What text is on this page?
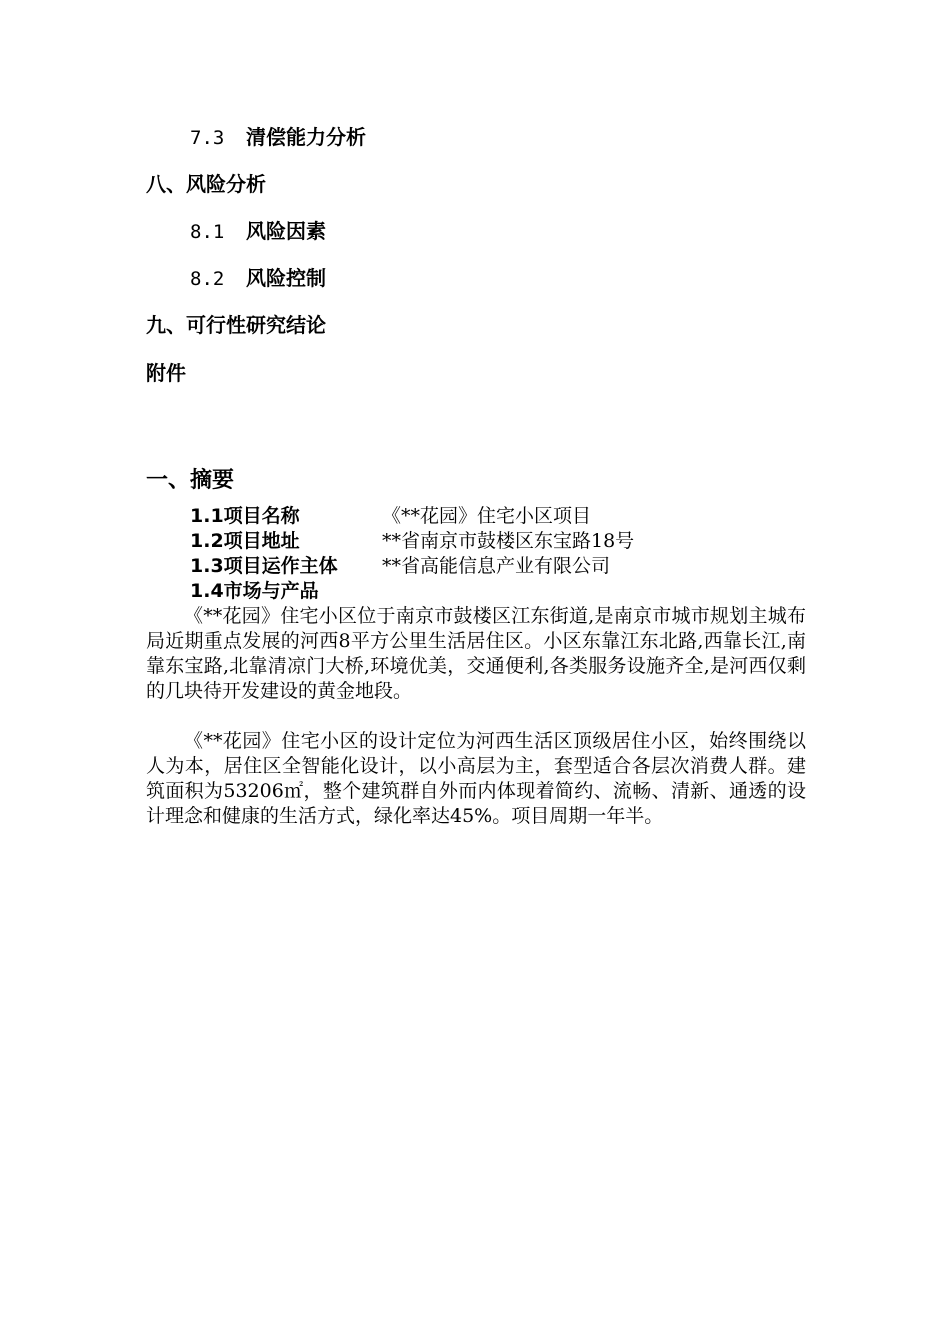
7.3 清偿能力分析
八、风险分析
8.1 风险因素
8.2 风险控制
九、可行性研究结论
附件
一、摘要
1.1项目名称	《**花园》住宅小区项目
1.2项目地址	**省南京市鼓楼区东宝路18号
1.3项目运作主体 **省高能信息产业有限公司
1.4市场与产品

《**花园》住宅小区位于南京市鼓楼区江东街道,是南京市城市规划主城布局近期重点发展的河西8平方公里生活居住区。小区东靠江东北路,西靠长江,南靠东宝路,北靠清凉门大桥,环境优美，交通便利,各类服务设施齐全,是河西仅剩的几块待开发建设的黄金地段。

《**花园》住宅小区的设计定位为河西生活区顶级居住小区，始终围绕以人为本，居住区全智能化设计，以小高层为主，套型适合各层次消费人群。建筑面积为53206㎡，整个建筑群自外而内体现着简约、流畅、清新、通透的设计理念和健康的生活方式，绿化率达45%。项目周期一年半。
